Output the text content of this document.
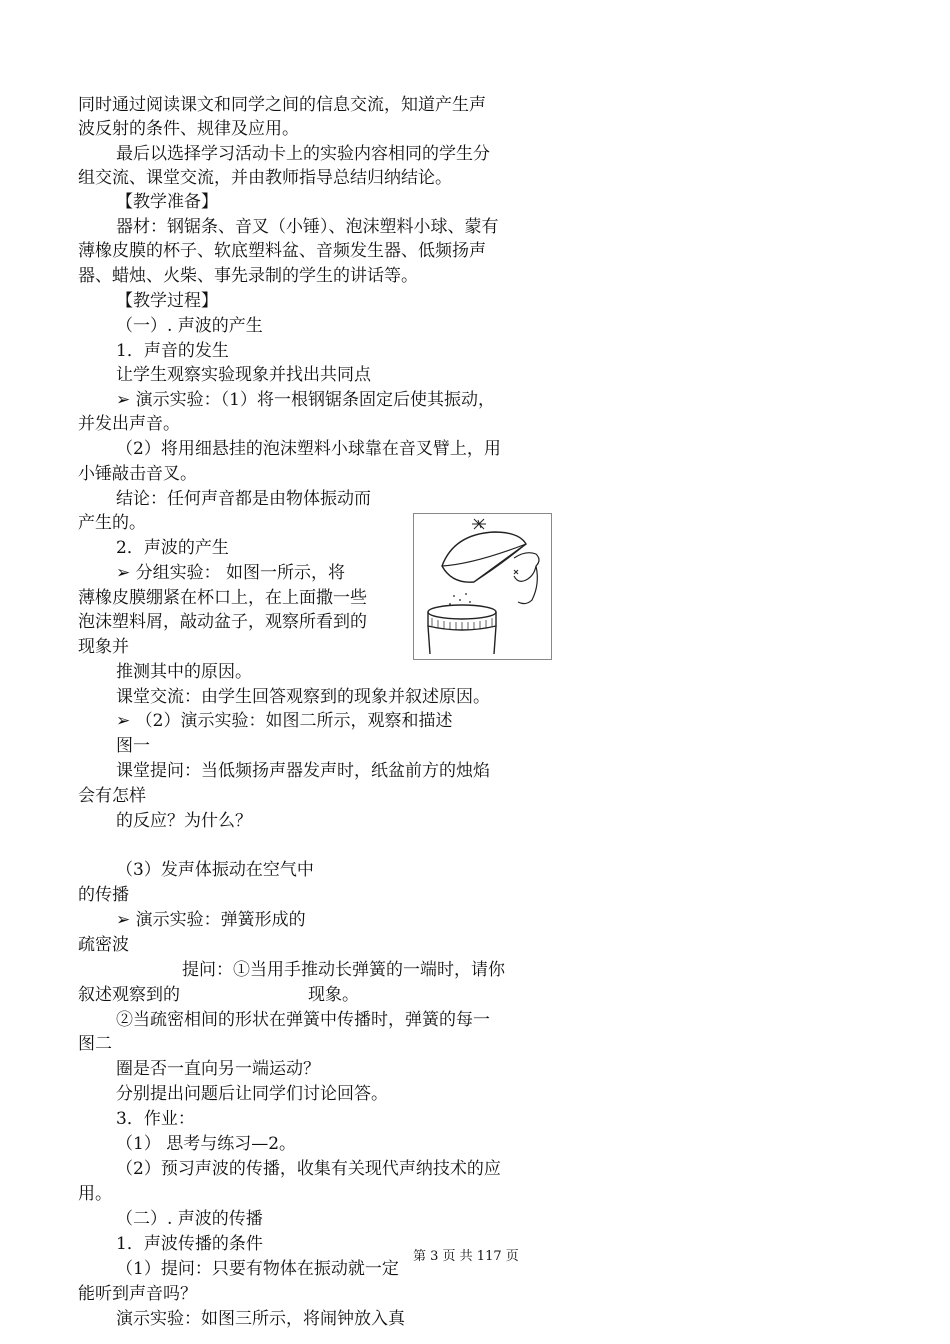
同时通过阅读课文和同学之间的信息交流，知道产生声
波反射的条件、规律及应用。
最后以选择学习活动卡上的实验内容相同的学生分
组交流、课堂交流，并由教师指导总结归纳结论。
【教学准备】
器材：钢锯条、音叉（小锤）、泡沫塑料小球、蒙有
薄橡皮膜的杯子、软底塑料盆、音频发生器、低频扬声
器、蜡烛、火柴、事先录制的学生的讲话等。
【教学过程】
（一）. 声波的产生
1．声音的发生
让学生观察实验现象并找出共同点
➢ 演示实验：（1）将一根钢锯条固定后使其振动，
并发出声音。
（2）将用细悬挂的泡沫塑料小球靠在音叉臂上，用
小锤敲击音叉。
结论：任何声音都是由物体振动而
产生的。
2．声波的产生
➢ 分组实验： 如图一所示，将
薄橡皮膜绷紧在杯口上，在上面撒一些
泡沫塑料屑，敲动盆子，观察所看到的
现象并
推测其中的原因。
课堂交流：由学生回答观察到的现象并叙述原因。
➢ （2）演示实验：如图二所示，观察和描述
图一
课堂提问：当低频扬声器发声时，纸盆前方的烛焰
会有怎样
的反应？为什么？
（3）发声体振动在空气中
的传播
➢ 演示实验：弹簧形成的
疏密波
提问：①当用手推动长弹簧的一端时，请你
叙述观察到的	现象。
②当疏密相间的形状在弹簧中传播时，弹簧的每一
图二
圈是否一直向另一端运动？
分别提出问题后让同学们讨论回答。
3．作业：
（1） 思考与练习—2。
（2）预习声波的传播，收集有关现代声纳技术的应
用。
（二）. 声波的传播
1．声波传播的条件
（1）提问：只要有物体在振动就一定
能听到声音吗？
演示实验：如图三所示，将闹钟放入真
第 3 页 共 117 页
